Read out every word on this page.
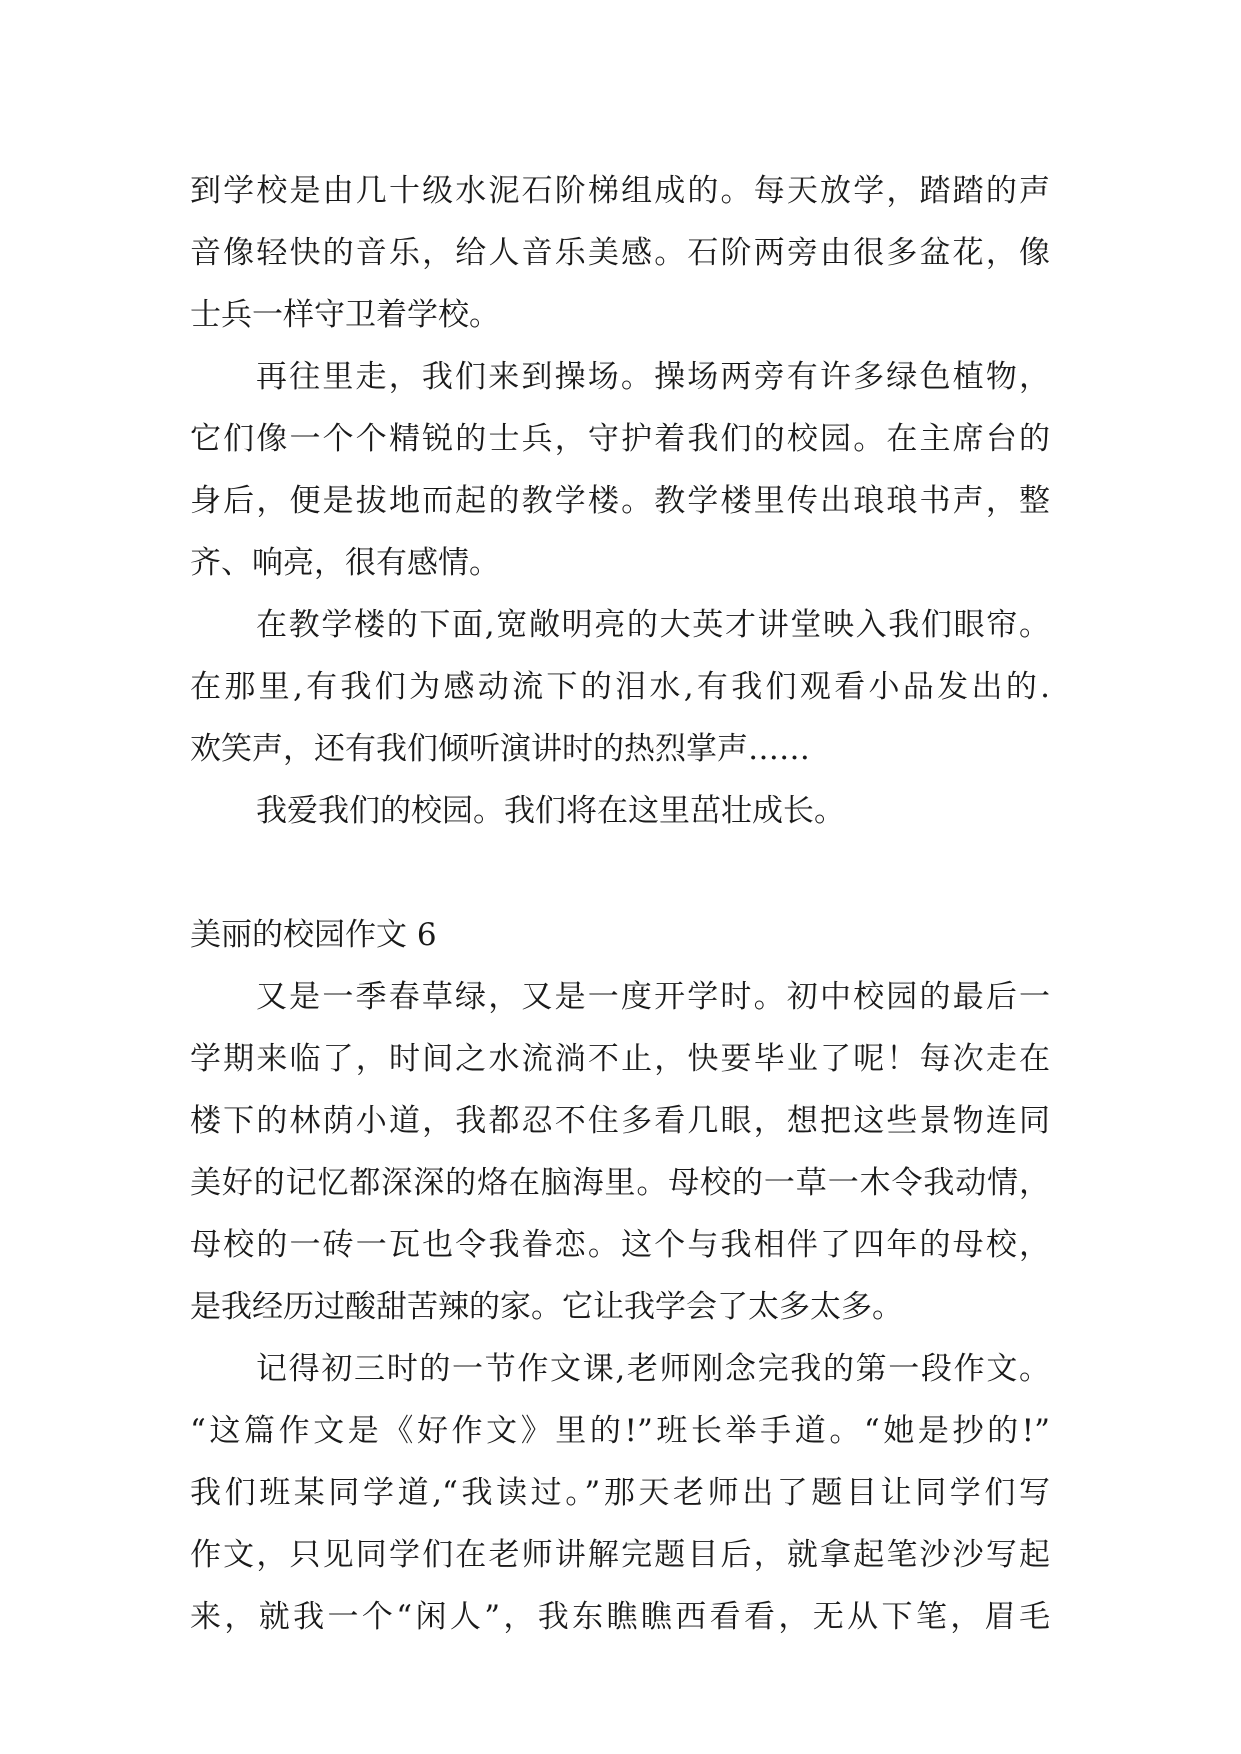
到学校是由几十级水泥石阶梯组成的。每天放学，踏踏的声
音像轻快的音乐，给人音乐美感。石阶两旁由很多盆花，像
士兵一样守卫着学校。
再往里走，我们来到操场。操场两旁有许多绿色植物，
它们像一个个精锐的士兵，守护着我们的校园。在主席台的
身后，便是拔地而起的教学楼。教学楼里传出琅琅书声，整
齐、响亮，很有感情。
在教学楼的下面,宽敞明亮的大英才讲堂映入我们眼帘。
在那里,有我们为感动流下的泪水,有我们观看小品发出的.
欢笑声，还有我们倾听演讲时的热烈掌声……
我爱我们的校园。我们将在这里茁壮成长。
美丽的校园作文 6
又是一季春草绿，又是一度开学时。初中校园的最后一
学期来临了，时间之水流淌不止，快要毕业了呢！每次走在
楼下的林荫小道，我都忍不住多看几眼，想把这些景物连同
美好的记忆都深深的烙在脑海里。母校的一草一木令我动情，
母校的一砖一瓦也令我眷恋。这个与我相伴了四年的母校，
是我经历过酸甜苦辣的家。它让我学会了太多太多。
记得初三时的一节作文课,老师刚念完我的第一段作文。
“这篇作文是《好作文》里的!”班长举手道。“她是抄的!”
我们班某同学道,“我读过。”那天老师出了题目让同学们写
作文，只见同学们在老师讲解完题目后，就拿起笔沙沙写起
来，就我一个“闲人”，我东瞧瞧西看看，无从下笔，眉毛
